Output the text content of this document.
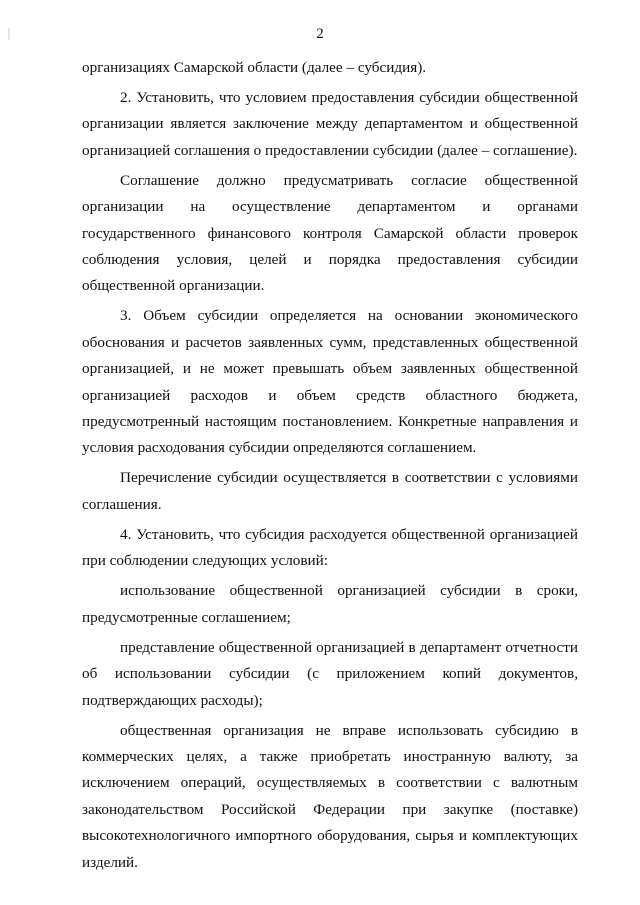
2

организациях Самарской области (далее – субсидия).

2. Установить, что условием предоставления субсидии общественной организации является заключение между департаментом и общественной организацией соглашения о предоставлении субсидии (далее – соглашение).

Соглашение должно предусматривать согласие общественной организации на осуществление департаментом и органами государственного финансового контроля Самарской области проверок соблюдения условия, целей и порядка предоставления субсидии общественной организации.

3. Объем субсидии определяется на основании экономического обоснования и расчетов заявленных сумм, представленных общественной организацией, и не может превышать объем заявленных общественной организацией расходов и объем средств областного бюджета, предусмотренный настоящим постановлением. Конкретные направления и условия расходования субсидии определяются соглашением.

Перечисление субсидии осуществляется в соответствии с условиями соглашения.

4. Установить, что субсидия расходуется общественной организацией при соблюдении следующих условий:

использование общественной организацией субсидии в сроки, предусмотренные соглашением;

представление общественной организацией в департамент отчетности об использовании субсидии (с приложением копий документов, подтверждающих расходы);

общественная организация не вправе использовать субсидию в коммерческих целях, а также приобретать иностранную валюту, за исключением операций, осуществляемых в соответствии с валютным законодательством Российской Федерации при закупке (поставке) высокотехнологичного импортного оборудования, сырья и комплектующих изделий.
